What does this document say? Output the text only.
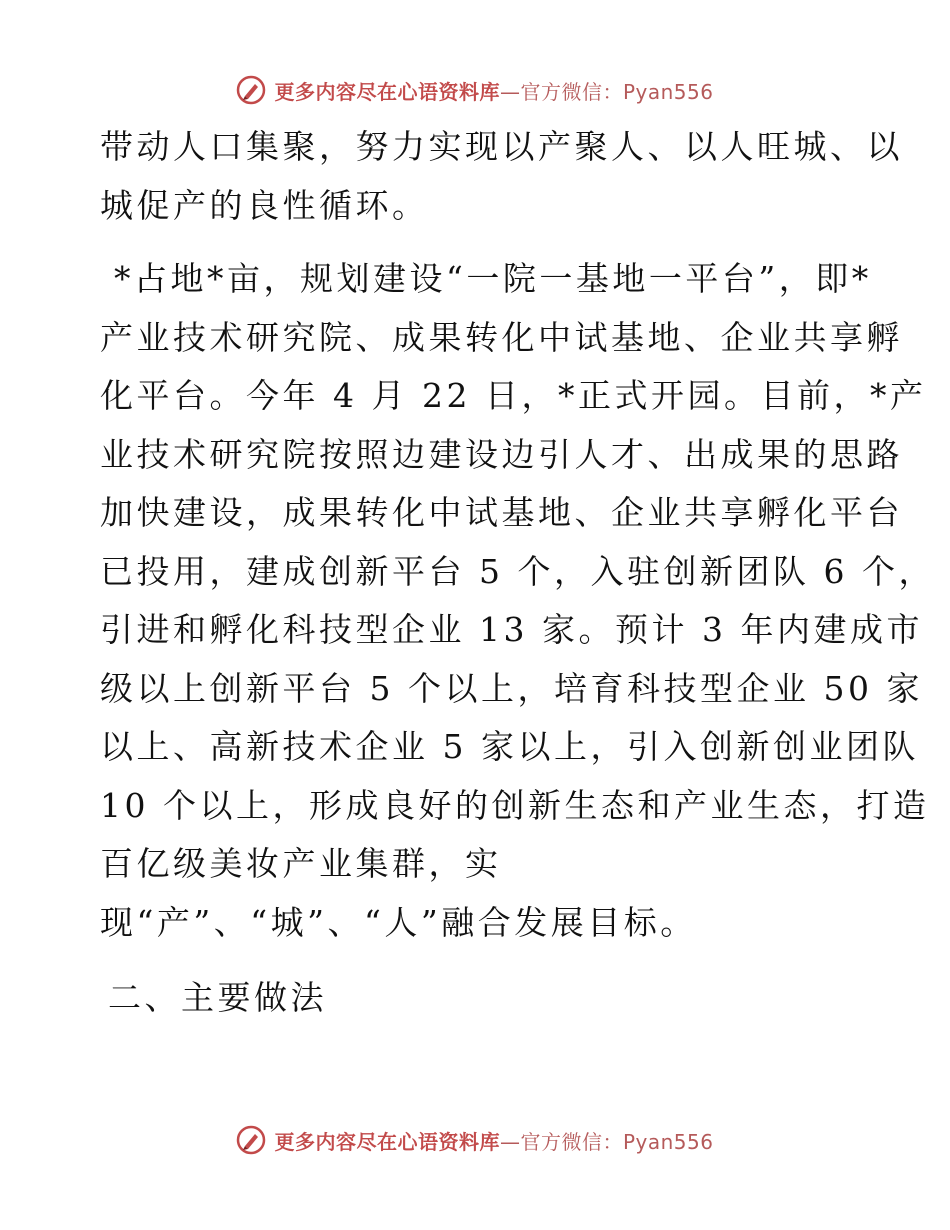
更多内容尽在心语资料库—官方微信：Pyan556

带动人口集聚，努力实现以产聚人、以人旺城、以
城促产的良性循环。

*占地*亩，规划建设“一院一基地一平台”，即*
产业技术研究院、成果转化中试基地、企业共享孵
化平台。今年 4 月 22 日，*正式开园。目前，*产
业技术研究院按照边建设边引人才、出成果的思路
加快建设，成果转化中试基地、企业共享孵化平台
已投用，建成创新平台 5 个，入驻创新团队 6 个，
引进和孵化科技型企业 13 家。预计 3 年内建成市
级以上创新平台 5 个以上，培育科技型企业 50 家
以上、高新技术企业 5 家以上，引入创新创业团队
10 个以上，形成良好的创新生态和产业生态，打造
百亿级美妆产业集群，实
现“产”、“城”、“人”融合发展目标。

二、主要做法

更多内容尽在心语资料库—官方微信：Pyan556
